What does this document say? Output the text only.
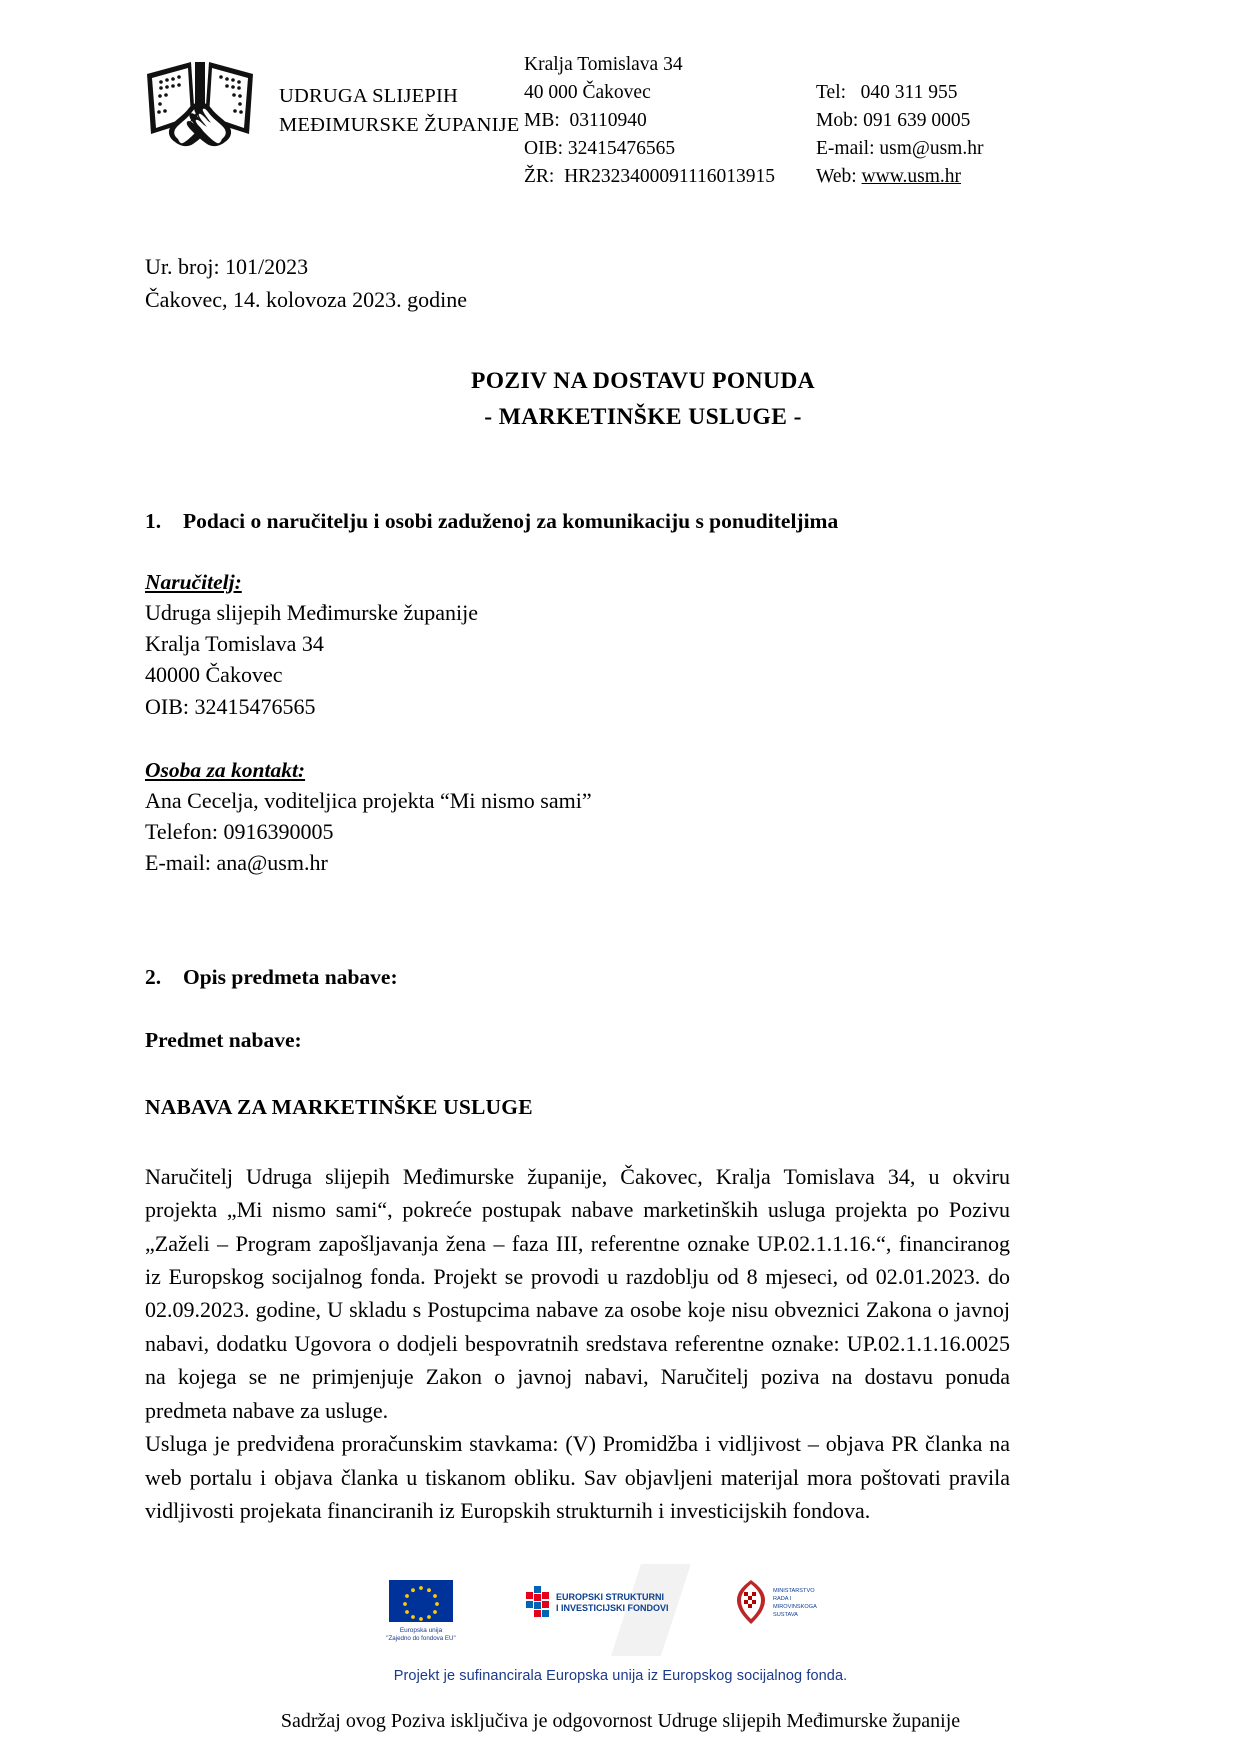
UDRUGA SLIJEPIH
MEĐIMURSKE ŽUPANIJE
Kralja Tomislava 34
40 000 Čakovec
MB:  03110940
OIB: 32415476565
ŽR:  HR2323400091116013915
Tel:   040 311 955
Mob: 091 639 0005
E-mail: usm@usm.hr
Web: www.usm.hr
Ur. broj: 101/2023
Čakovec, 14. kolovoza 2023. godine
POZIV NA DOSTAVU PONUDA
- MARKETINŠKE USLUGE -
1.	Podaci o naručitelju i osobi zaduženoj za komunikaciju s ponuditeljima
Naručitelj:
Udruga slijepih Međimurske županije
Kralja Tomislava 34
40000 Čakovec
OIB: 32415476565
Osoba za kontakt:
Ana Cecelja, voditeljica projekta “Mi nismo sami”
Telefon: 0916390005
E-mail: ana@usm.hr
2.	Opis predmeta nabave:
Predmet nabave:
NABAVA ZA MARKETINŠKE USLUGE

Naručitelj Udruga slijepih Međimurske županije, Čakovec, Kralja Tomislava 34, u okviru projekta „Mi nismo sami“, pokreće postupak nabave marketinških usluga projekta po Pozivu „Zaželi – Program zapošljavanja žena – faza III, referentne oznake UP.02.1.1.16.“, financiranog iz Europskog socijalnog fonda. Projekt se provodi u razdoblju od 8 mjeseci, od 02.01.2023. do 02.09.2023. godine, U skladu s Postupcima nabave za osobe koje nisu obveznici Zakona o javnoj nabavi, dodatku Ugovora o dodjeli bespovratnih sredstava referentne oznake: UP.02.1.1.16.0025 na kojega se ne primjenjuje Zakon o javnoj nabavi, Naručitelj poziva na dostavu ponuda predmeta nabave za usluge.

Usluga je predviđena proračunskim stavkama: (V) Promidžba i vidljivost – objava PR članka na web portalu i objava članka u tiskanom obliku. Sav objavljeni materijal mora poštovati pravila vidljivosti projekata financiranih iz Europskih strukturnih i investicijskih fondova.

Europska unija
"Zajedno do fondova EU"
EUROPSKI STRUKTURNI
I INVESTICIJSKI FONDOVI
MINISTARSTVO
RADA I
MIROVINSKOGA
SUSTAVA
Projekt je sufinancirala Europska unija iz Europskog socijalnog fonda.
Sadržaj ovog Poziva isključiva je odgovornost Udruge slijepih Međimurske županije
